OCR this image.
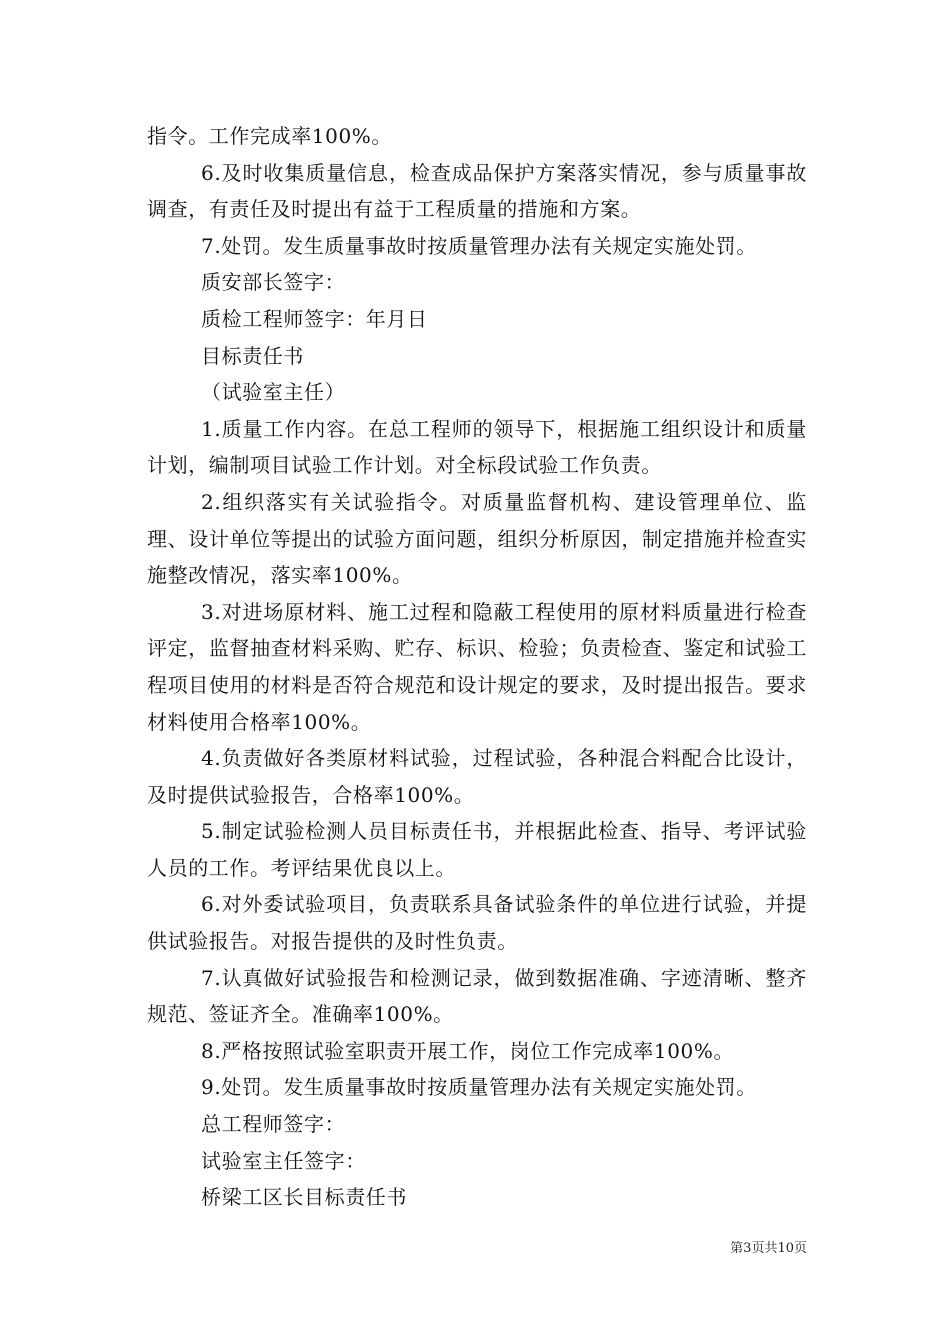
指令。工作完成率100%。

6.及时收集质量信息，检查成品保护方案落实情况，参与质量事故调查，有责任及时提出有益于工程质量的措施和方案。

7.处罚。发生质量事故时按质量管理办法有关规定实施处罚。

质安部长签字：

质检工程师签字：年月日

目标责任书

（试验室主任）

1.质量工作内容。在总工程师的领导下，根据施工组织设计和质量计划，编制项目试验工作计划。对全标段试验工作负责。

2.组织落实有关试验指令。对质量监督机构、建设管理单位、监理、设计单位等提出的试验方面问题，组织分析原因，制定措施并检查实施整改情况，落实率100%。

3.对进场原材料、施工过程和隐蔽工程使用的原材料质量进行检查评定，监督抽查材料采购、贮存、标识、检验；负责检查、鉴定和试验工程项目使用的材料是否符合规范和设计规定的要求，及时提出报告。要求材料使用合格率100%。

4.负责做好各类原材料试验，过程试验，各种混合料配合比设计，及时提供试验报告，合格率100%。

5.制定试验检测人员目标责任书，并根据此检查、指导、考评试验人员的工作。考评结果优良以上。

6.对外委试验项目，负责联系具备试验条件的单位进行试验，并提供试验报告。对报告提供的及时性负责。

7.认真做好试验报告和检测记录，做到数据准确、字迹清晰、整齐规范、签证齐全。准确率100%。

8.严格按照试验室职责开展工作，岗位工作完成率100%。

9.处罚。发生质量事故时按质量管理办法有关规定实施处罚。

总工程师签字：

试验室主任签字：

桥梁工区长目标责任书

第3页共10页
